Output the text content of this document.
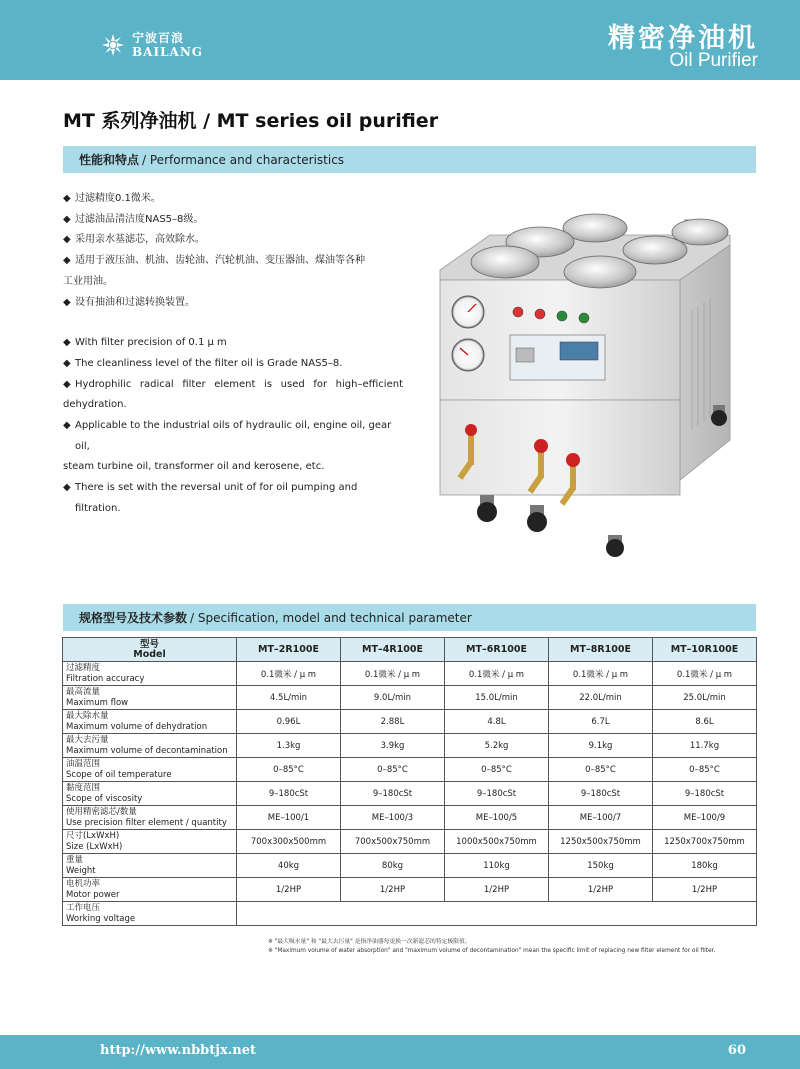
宁波百浪
BAILANG	精密净油机
Oil Purifier
MT 系列净油机 / MT series oil purifier
性能和特点 / Performance and characteristics
◆ 过滤精度0.1微米。
◆ 过滤油品清洁度NAS5–8级。
◆ 采用亲水基滤芯，高效除水。
◆ 适用于液压油、机油、齿轮油、汽轮机油、变压器油、煤油等各种
工业用油。
◆ 设有抽油和过滤转换装置。
◆ With filter precision of 0.1 μ m
◆ The cleanliness level of the filter oil is Grade NAS5–8.
◆ Hydrophilic radical filter element is used for high–efficient
dehydration.
◆ Applicable to the industrial oils of hydraulic oil, engine oil, gear oil,
steam turbine oil, transformer oil and kerosene, etc.
◆ There is set with the reversal unit of for oil pumping and filtration.
规格型号及技术参数 / Specification, model and technical parameter
型号
Model	MT–2R100E	MT–4R100E	MT–6R100E	MT–8R100E	MT–10R100E

过滤精度
Filtration accuracy	0.1微米 / μ m	0.1微米 / μ m	0.1微米 / μ m	0.1微米 / μ m	0.1微米 / μ m

最高流量
Maximum flow	4.5L/min	9.0L/min	15.0L/min	22.0L/min	25.0L/min

最大除水量
Maximum volume of dehydration	0.96L	2.88L	4.8L	6.7L	8.6L

最大去污量
Maximum volume of decontamination	1.3kg	3.9kg	5.2kg	9.1kg	11.7kg

油温范围
Scope of oil temperature	0–85°C	0–85°C	0–85°C	0–85°C	0–85°C

黏度范围
Scope of viscosity	9–180cSt	9–180cSt	9–180cSt	9–180cSt	9–180cSt

使用精密滤芯/数量
Use precision filter element / quantity	ME–100/1	ME–100/3	ME–100/5	ME–100/7	ME–100/9

尺寸(LxWxH)
Size (LxWxH)	700x300x500mm	700x500x750mm	1000x500x750mm	1250x500x750mm	1250x700x750mm

重量
Weight	40kg	80kg	110kg	150kg	180kg

电机功率
Motor power	1/2HP	1/2HP	1/2HP	1/2HP	1/2HP

工作电压
Working voltage					

※ "最大吸水量" 和 "最大去污量" 是指净油器每更换一次新滤芯的特定极限值。
※ "Maximum volume of water absorption" and "maximum volume of decontamination" mean the specific limit of replacing new filter element for oil filter.
http://www.nbbtjx.net	60
